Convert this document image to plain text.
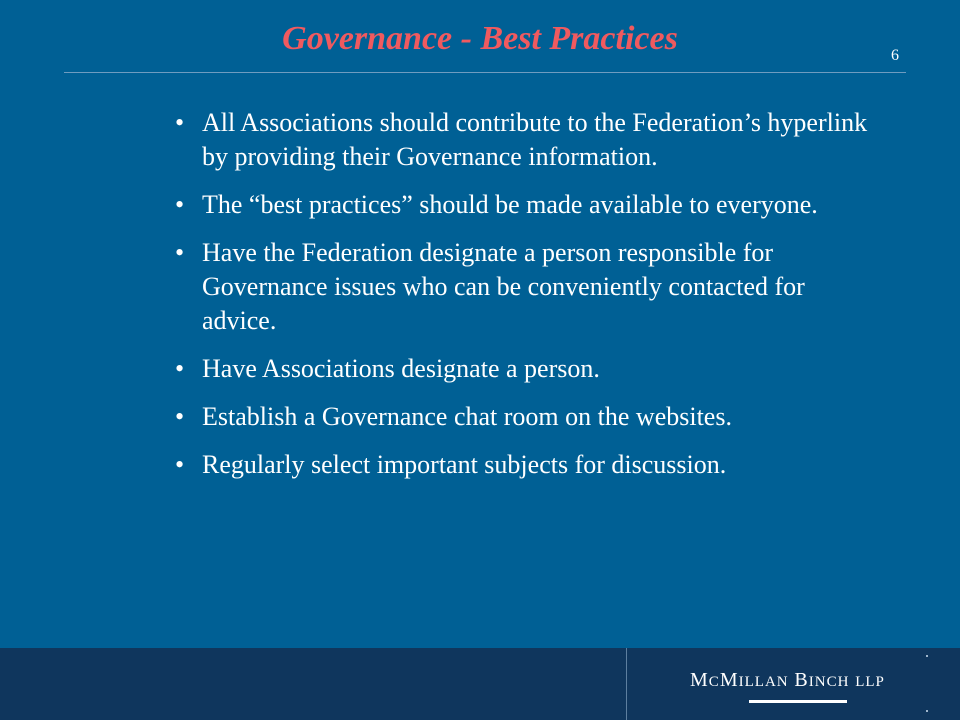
Governance - Best Practices	6
• All Associations should contribute to the Federation’s hyperlink by providing their Governance information.
• The “best practices” should be made available to everyone.
• Have the Federation designate a person responsible for Governance issues who can be conveniently contacted for advice.
• Have Associations designate a person.
• Establish a Governance chat room on the websites.
• Regularly select important subjects for discussion.
MCMILLAN BINCH LLP
